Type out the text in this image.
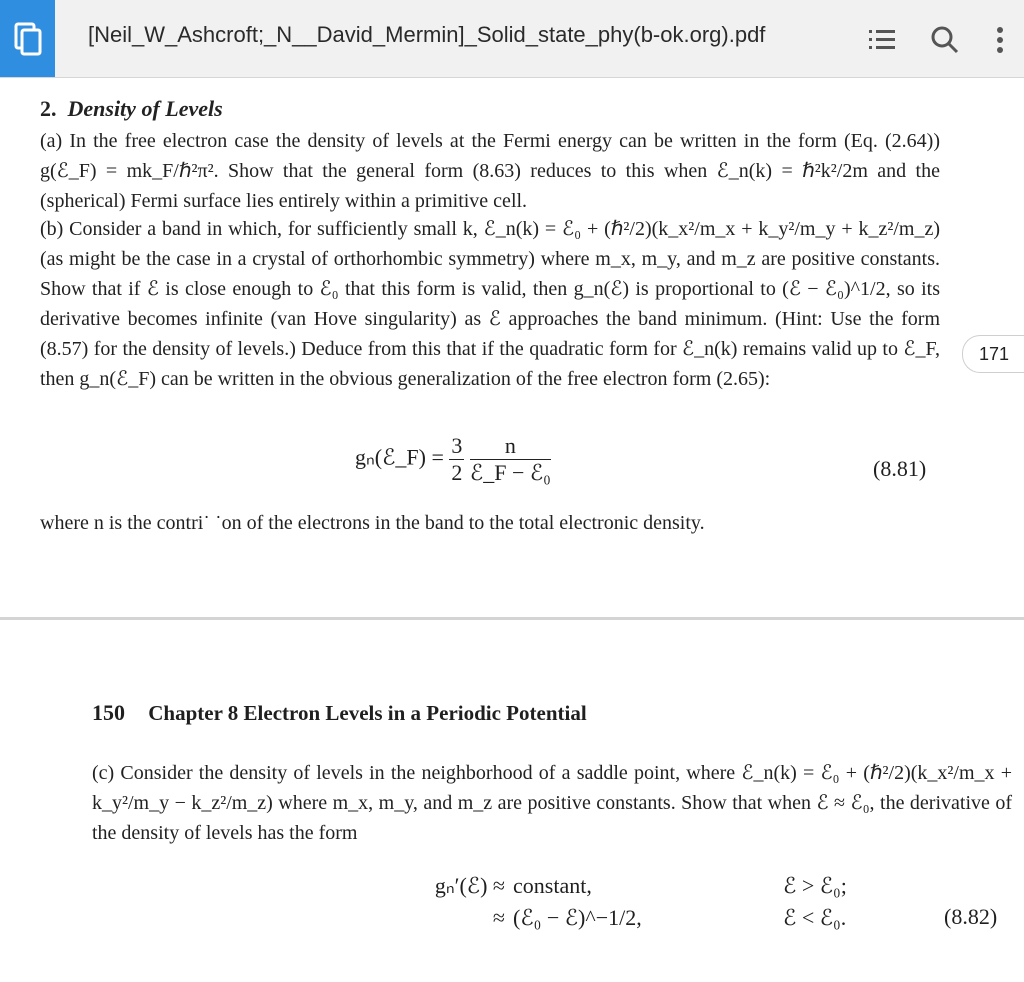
[Neil_W_Ashcroft;_N__David_Mermin]_Solid_state_phy(b-ok.org).pdf
2. Density of Levels
(a) In the free electron case the density of levels at the Fermi energy can be written in the form (Eq. (2.64)) g(ℰ_F) = mk_F/ℏ²π². Show that the general form (8.63) reduces to this when ℰ_n(k) = ℏ²k²/2m and the (spherical) Fermi surface lies entirely within a primitive cell.
(b) Consider a band in which, for sufficiently small k, ℰ_n(k) = ℰ₀ + (ℏ²/2)(k_x²/m_x + k_y²/m_y + k_z²/m_z) (as might be the case in a crystal of orthorhombic symmetry) where m_x, m_y, and m_z are positive constants. Show that if ℰ is close enough to ℰ₀ that this form is valid, then g_n(ℰ) is proportional to (ℰ − ℰ₀)^1/2, so its derivative becomes infinite (van Hove singularity) as ℰ approaches the band minimum. (Hint: Use the form (8.57) for the density of levels.) Deduce from this that if the quadratic form for ℰ_n(k) remains valid up to ℰ_F, then g_n(ℰ_F) can be written in the obvious generalization of the free electron form (2.65):
gₙ(ℰ_F) = $\frac{3}{2}$
$\frac{n}{\text{ℰ\_F − ℰ₀}}$	(8.81)
where n is the contri˙ ˙on of the electrons in the band to the total electronic density.
171
150 Chapter 8 Electron Levels in a Periodic Potential
(c) Consider the density of levels in the neighborhood of a saddle point, where ℰ_n(k) = ℰ₀ + (ℏ²/2)(k_x²/m_x + k_y²/m_y − k_z²/m_z) where m_x, m_y, and m_z are positive constants. Show that when ℰ ≈ ℰ₀, the derivative of the density of levels has the form
gₙ′(ℰ) ≈ constant,	ℰ > ℰ₀;
≈ (ℰ₀ − ℰ)^−1/2,	ℰ < ℰ₀.	(8.82)
